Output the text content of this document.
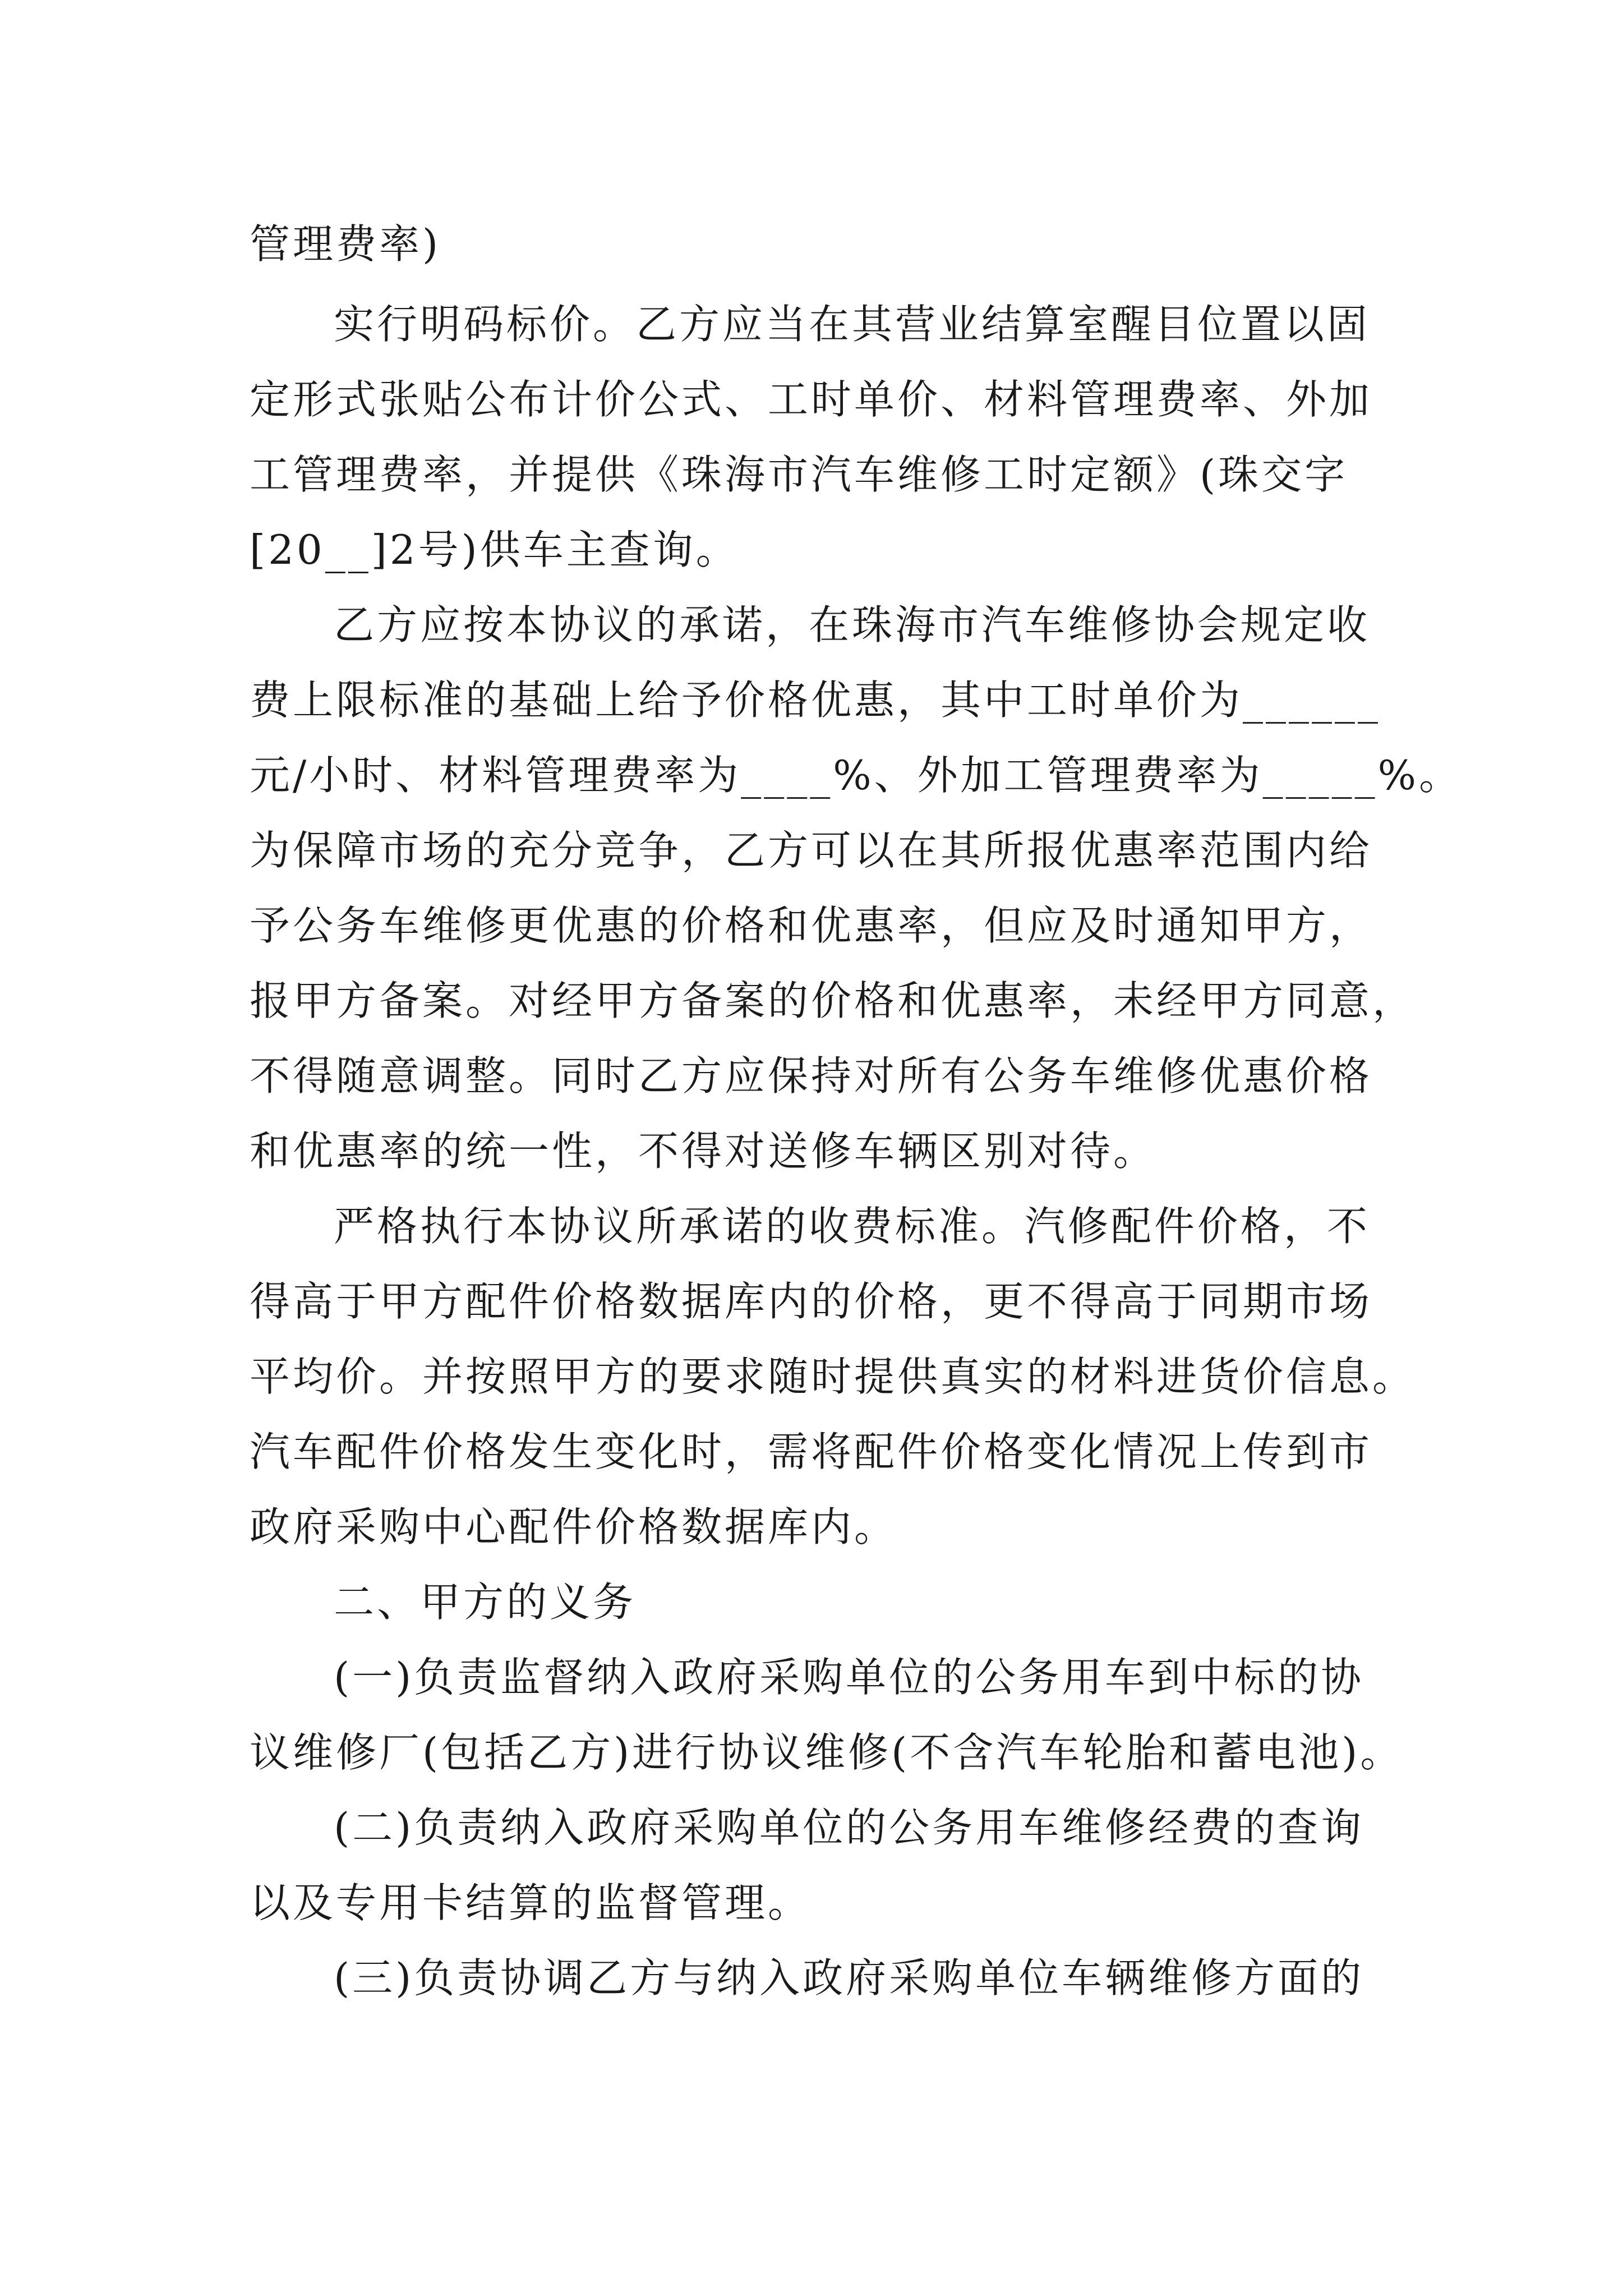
管理费率)
实行明码标价。乙方应当在其营业结算室醒目位置以固
定形式张贴公布计价公式、工时单价、材料管理费率、外加
工管理费率，并提供《珠海市汽车维修工时定额》(珠交字
[20__]2号)供车主查询。
乙方应按本协议的承诺，在珠海市汽车维修协会规定收
费上限标准的基础上给予价格优惠，其中工时单价为______
元/小时、材料管理费率为____%、外加工管理费率为_____%。
为保障市场的充分竞争，乙方可以在其所报优惠率范围内给
予公务车维修更优惠的价格和优惠率，但应及时通知甲方，
报甲方备案。对经甲方备案的价格和优惠率，未经甲方同意，
不得随意调整。同时乙方应保持对所有公务车维修优惠价格
和优惠率的统一性，不得对送修车辆区别对待。
严格执行本协议所承诺的收费标准。汽修配件价格，不
得高于甲方配件价格数据库内的价格，更不得高于同期市场
平均价。并按照甲方的要求随时提供真实的材料进货价信息。
汽车配件价格发生变化时，需将配件价格变化情况上传到市
政府采购中心配件价格数据库内。
二、甲方的义务
(一)负责监督纳入政府采购单位的公务用车到中标的协
议维修厂(包括乙方)进行协议维修(不含汽车轮胎和蓄电池)。
(二)负责纳入政府采购单位的公务用车维修经费的查询
以及专用卡结算的监督管理。
(三)负责协调乙方与纳入政府采购单位车辆维修方面的
